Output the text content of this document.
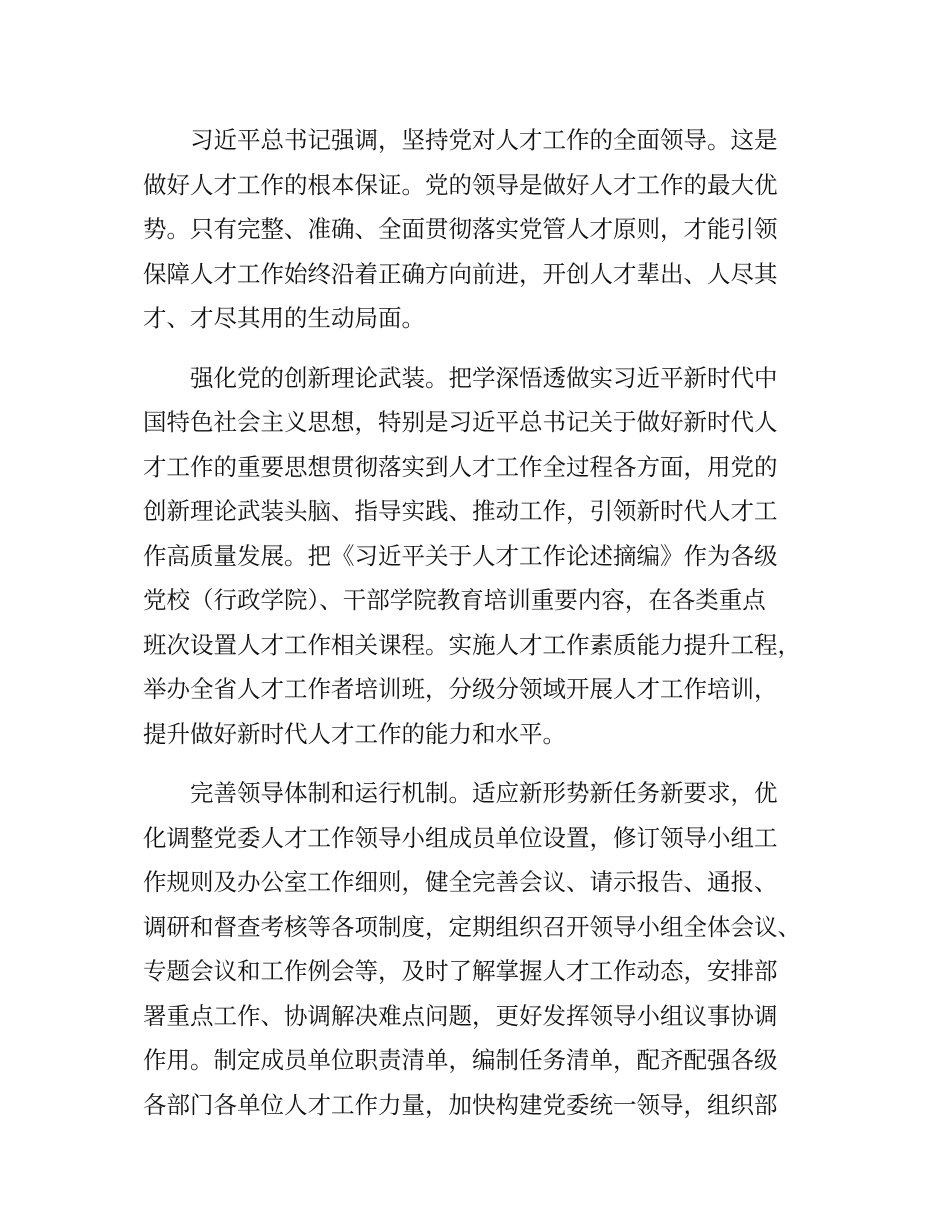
习近平总书记强调，坚持党对人才工作的全面领导。这是
做好人才工作的根本保证。党的领导是做好人才工作的最大优
势。只有完整、准确、全面贯彻落实党管人才原则，才能引领
保障人才工作始终沿着正确方向前进，开创人才辈出、人尽其
才、才尽其用的生动局面。
强化党的创新理论武装。把学深悟透做实习近平新时代中
国特色社会主义思想，特别是习近平总书记关于做好新时代人
才工作的重要思想贯彻落实到人才工作全过程各方面，用党的
创新理论武装头脑、指导实践、推动工作，引领新时代人才工
作高质量发展。把《习近平关于人才工作论述摘编》作为各级
党校（行政学院）、干部学院教育培训重要内容，在各类重点
班次设置人才工作相关课程。实施人才工作素质能力提升工程，
举办全省人才工作者培训班，分级分领域开展人才工作培训，
提升做好新时代人才工作的能力和水平。
完善领导体制和运行机制。适应新形势新任务新要求，优
化调整党委人才工作领导小组成员单位设置，修订领导小组工
作规则及办公室工作细则，健全完善会议、请示报告、通报、
调研和督查考核等各项制度，定期组织召开领导小组全体会议、
专题会议和工作例会等，及时了解掌握人才工作动态，安排部
署重点工作、协调解决难点问题，更好发挥领导小组议事协调
作用。制定成员单位职责清单，编制任务清单，配齐配强各级
各部门各单位人才工作力量，加快构建党委统一领导，组织部
